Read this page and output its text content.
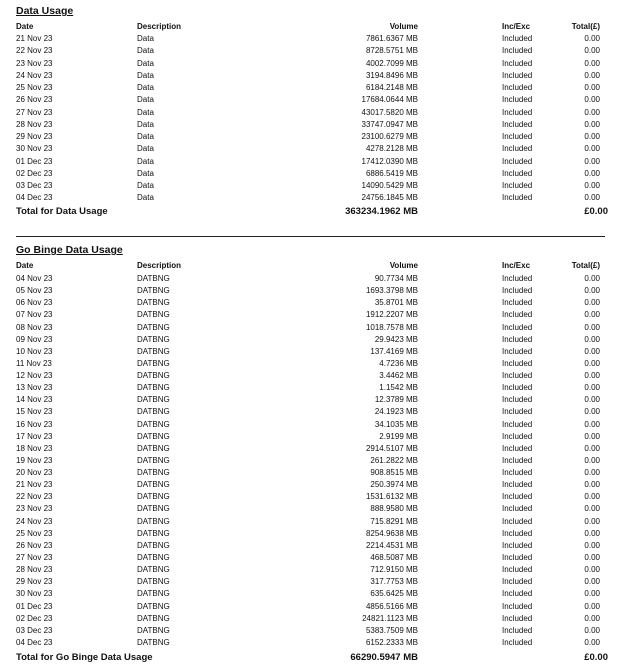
Data Usage
Date	Description	Volume	Inc/Exc	Total(£)
21 Nov 23	Data	7861.6367 MB	Included	0.00
22 Nov 23	Data	8728.5751 MB	Included	0.00
23 Nov 23	Data	4002.7099 MB	Included	0.00
24 Nov 23	Data	3194.8496 MB	Included	0.00
25 Nov 23	Data	6184.2148 MB	Included	0.00
26 Nov 23	Data	17684.0644 MB	Included	0.00
27 Nov 23	Data	43017.5820 MB	Included	0.00
28 Nov 23	Data	33747.0947 MB	Included	0.00
29 Nov 23	Data	23100.6279 MB	Included	0.00
30 Nov 23	Data	4278.2128 MB	Included	0.00
01 Dec 23	Data	17412.0390 MB	Included	0.00
02 Dec 23	Data	6886.5419 MB	Included	0.00
03 Dec 23	Data	14090.5429 MB	Included	0.00
04 Dec 23	Data	24756.1845 MB	Included	0.00
Total for Data Usage	363234.1962 MB	£0.00
Go Binge Data Usage
Date	Description	Volume	Inc/Exc	Total(£)
04 Nov 23	DATBNG	90.7734 MB	Included	0.00
05 Nov 23	DATBNG	1693.3798 MB	Included	0.00
06 Nov 23	DATBNG	35.8701 MB	Included	0.00
07 Nov 23	DATBNG	1912.2207 MB	Included	0.00
08 Nov 23	DATBNG	1018.7578 MB	Included	0.00
09 Nov 23	DATBNG	29.9423 MB	Included	0.00
10 Nov 23	DATBNG	137.4169 MB	Included	0.00
11 Nov 23	DATBNG	4.7236 MB	Included	0.00
12 Nov 23	DATBNG	3.4462 MB	Included	0.00
13 Nov 23	DATBNG	1.1542 MB	Included	0.00
14 Nov 23	DATBNG	12.3789 MB	Included	0.00
15 Nov 23	DATBNG	24.1923 MB	Included	0.00
16 Nov 23	DATBNG	34.1035 MB	Included	0.00
17 Nov 23	DATBNG	2.9199 MB	Included	0.00
18 Nov 23	DATBNG	2914.5107 MB	Included	0.00
19 Nov 23	DATBNG	261.2822 MB	Included	0.00
20 Nov 23	DATBNG	908.8515 MB	Included	0.00
21 Nov 23	DATBNG	250.3974 MB	Included	0.00
22 Nov 23	DATBNG	1531.6132 MB	Included	0.00
23 Nov 23	DATBNG	888.9580 MB	Included	0.00
24 Nov 23	DATBNG	715.8291 MB	Included	0.00
25 Nov 23	DATBNG	8254.9638 MB	Included	0.00
26 Nov 23	DATBNG	2214.4531 MB	Included	0.00
27 Nov 23	DATBNG	468.5087 MB	Included	0.00
28 Nov 23	DATBNG	712.9150 MB	Included	0.00
29 Nov 23	DATBNG	317.7753 MB	Included	0.00
30 Nov 23	DATBNG	635.6425 MB	Included	0.00
01 Dec 23	DATBNG	4856.5166 MB	Included	0.00
02 Dec 23	DATBNG	24821.1123 MB	Included	0.00
03 Dec 23	DATBNG	5383.7509 MB	Included	0.00
04 Dec 23	DATBNG	6152.2333 MB	Included	0.00
Total for Go Binge Data Usage	66290.5947 MB	£0.00
